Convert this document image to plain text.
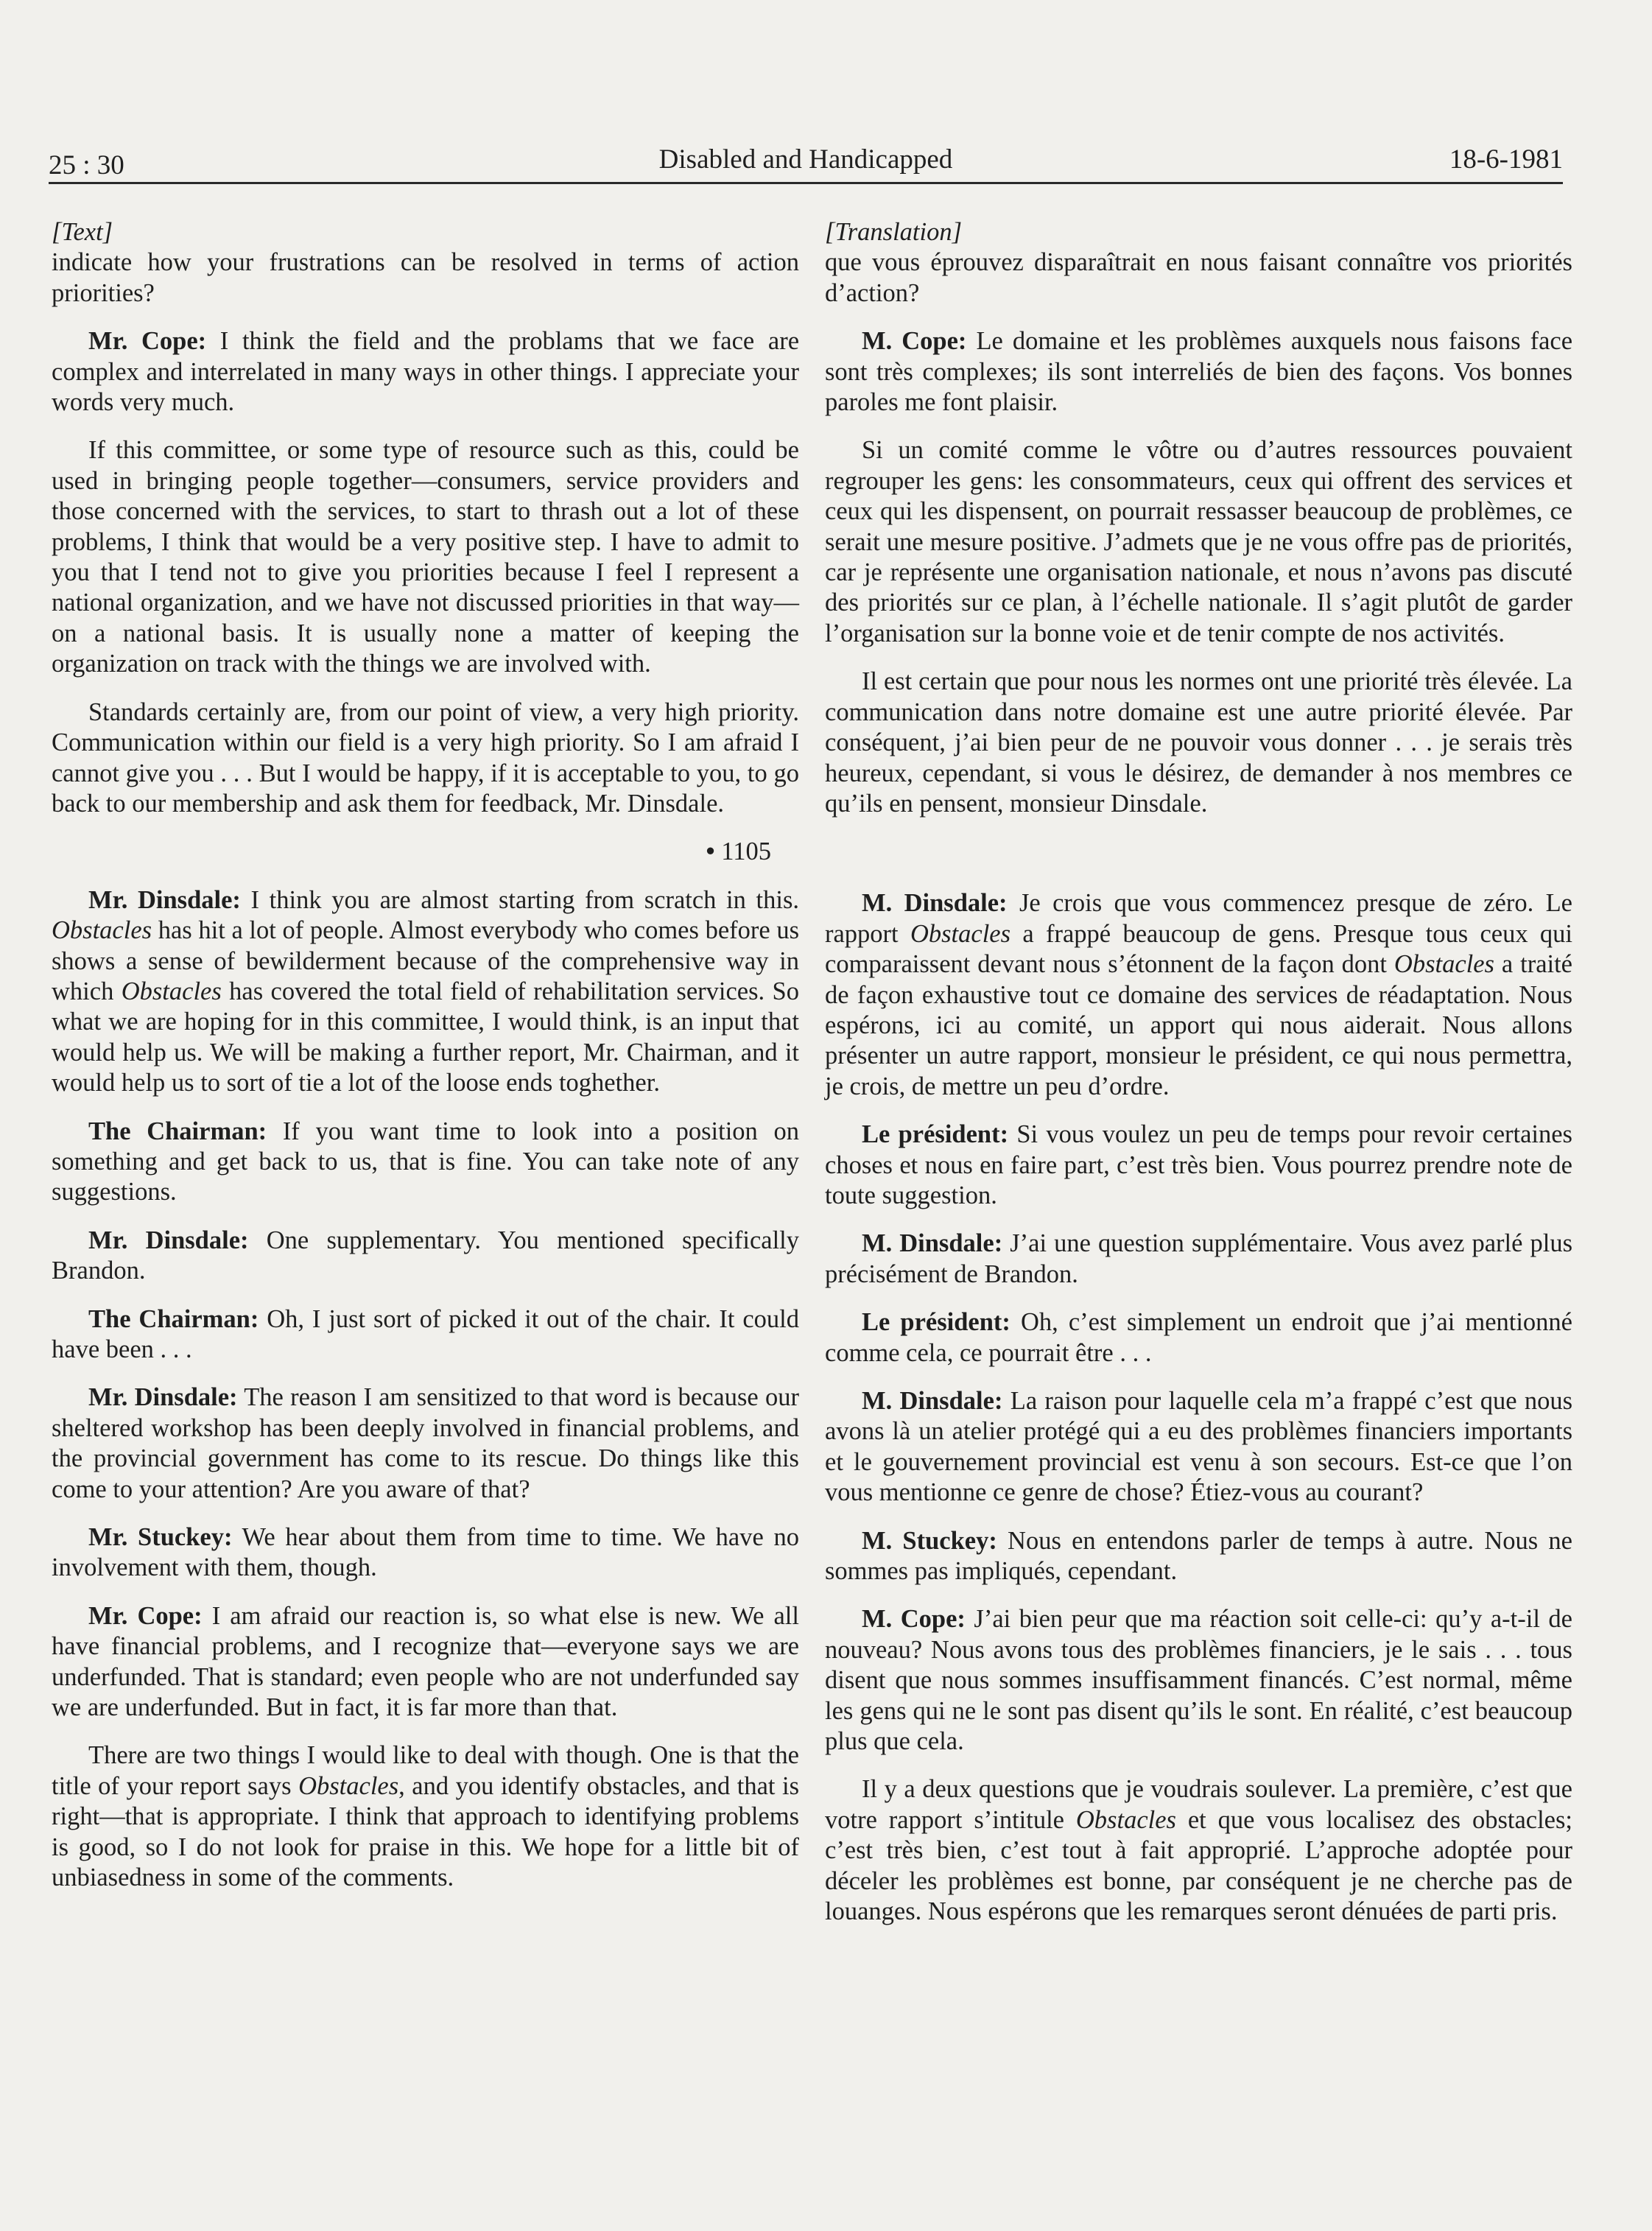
25 : 30	Disabled and Handicapped	18-6-1981

[Text]

indicate how your frustrations can be resolved in terms of action priorities?

Mr. Cope: I think the field and the problams that we face are complex and interrelated in many ways in other things. I appreciate your words very much.

If this committee, or some type of resource such as this, could be used in bringing people together—consumers, service providers and those concerned with the services, to start to thrash out a lot of these problems, I think that would be a very positive step. I have to admit to you that I tend not to give you priorities because I feel I represent a national organization, and we have not discussed priorities in that way—on a national basis. It is usually none a matter of keeping the organization on track with the things we are involved with.

Standards certainly are, from our point of view, a very high priority. Communication within our field is a very high priority. So I am afraid I cannot give you . . . But I would be happy, if it is acceptable to you, to go back to our membership and ask them for feedback, Mr. Dinsdale.

• 1105

Mr. Dinsdale: I think you are almost starting from scratch in this. Obstacles has hit a lot of people. Almost everybody who comes before us shows a sense of bewilderment because of the comprehensive way in which Obstacles has covered the total field of rehabilitation services. So what we are hoping for in this committee, I would think, is an input that would help us. We will be making a further report, Mr. Chairman, and it would help us to sort of tie a lot of the loose ends toghether.

The Chairman: If you want time to look into a position on something and get back to us, that is fine. You can take note of any suggestions.

Mr. Dinsdale: One supplementary. You mentioned specifically Brandon.

The Chairman: Oh, I just sort of picked it out of the chair. It could have been . . .

Mr. Dinsdale: The reason I am sensitized to that word is because our sheltered workshop has been deeply involved in financial problems, and the provincial government has come to its rescue. Do things like this come to your attention? Are you aware of that?

Mr. Stuckey: We hear about them from time to time. We have no involvement with them, though.

Mr. Cope: I am afraid our reaction is, so what else is new. We all have financial problems, and I recognize that—everyone says we are underfunded. That is standard; even people who are not underfunded say we are underfunded. But in fact, it is far more than that.

There are two things I would like to deal with though. One is that the title of your report says Obstacles, and you identify obstacles, and that is right—that is appropriate. I think that approach to identifying problems is good, so I do not look for praise in this. We hope for a little bit of unbiasedness in some of the comments.

[Translation]

que vous éprouvez disparaîtrait en nous faisant connaître vos priorités d’action?

M. Cope: Le domaine et les problèmes auxquels nous faisons face sont très complexes; ils sont interreliés de bien des façons. Vos bonnes paroles me font plaisir.

Si un comité comme le vôtre ou d’autres ressources pouvaient regrouper les gens: les consommateurs, ceux qui offrent des services et ceux qui les dispensent, on pourrait ressasser beaucoup de problèmes, ce serait une mesure positive. J’admets que je ne vous offre pas de priorités, car je représente une organisation nationale, et nous n’avons pas discuté des priorités sur ce plan, à l’échelle nationale. Il s’agit plutôt de garder l’organisation sur la bonne voie et de tenir compte de nos activités.

Il est certain que pour nous les normes ont une priorité très élevée. La communication dans notre domaine est une autre priorité élevée. Par conséquent, j’ai bien peur de ne pouvoir vous donner . . . je serais très heureux, cependant, si vous le désirez, de demander à nos membres ce qu’ils en pensent, monsieur Dinsdale.

M. Dinsdale: Je crois que vous commencez presque de zéro. Le rapport Obstacles a frappé beaucoup de gens. Presque tous ceux qui comparaissent devant nous s’étonnent de la façon dont Obstacles a traité de façon exhaustive tout ce domaine des services de réadaptation. Nous espérons, ici au comité, un apport qui nous aiderait. Nous allons présenter un autre rapport, monsieur le président, ce qui nous permettra, je crois, de mettre un peu d’ordre.

Le président: Si vous voulez un peu de temps pour revoir certaines choses et nous en faire part, c’est très bien. Vous pourrez prendre note de toute suggestion.

M. Dinsdale: J’ai une question supplémentaire. Vous avez parlé plus précisément de Brandon.

Le président: Oh, c’est simplement un endroit que j’ai mentionné comme cela, ce pourrait être . . .

M. Dinsdale: La raison pour laquelle cela m’a frappé c’est que nous avons là un atelier protégé qui a eu des problèmes financiers importants et le gouvernement provincial est venu à son secours. Est-ce que l’on vous mentionne ce genre de chose? Étiez-vous au courant?

M. Stuckey: Nous en entendons parler de temps à autre. Nous ne sommes pas impliqués, cependant.

M. Cope: J’ai bien peur que ma réaction soit celle-ci: qu’y a-t-il de nouveau? Nous avons tous des problèmes financiers, je le sais . . . tous disent que nous sommes insuffisamment financés. C’est normal, même les gens qui ne le sont pas disent qu’ils le sont. En réalité, c’est beaucoup plus que cela.

Il y a deux questions que je voudrais soulever. La première, c’est que votre rapport s’intitule Obstacles et que vous localisez des obstacles; c’est très bien, c’est tout à fait approprié. L’approche adoptée pour déceler les problèmes est bonne, par conséquent je ne cherche pas de louanges. Nous espérons que les remarques seront dénuées de parti pris.
